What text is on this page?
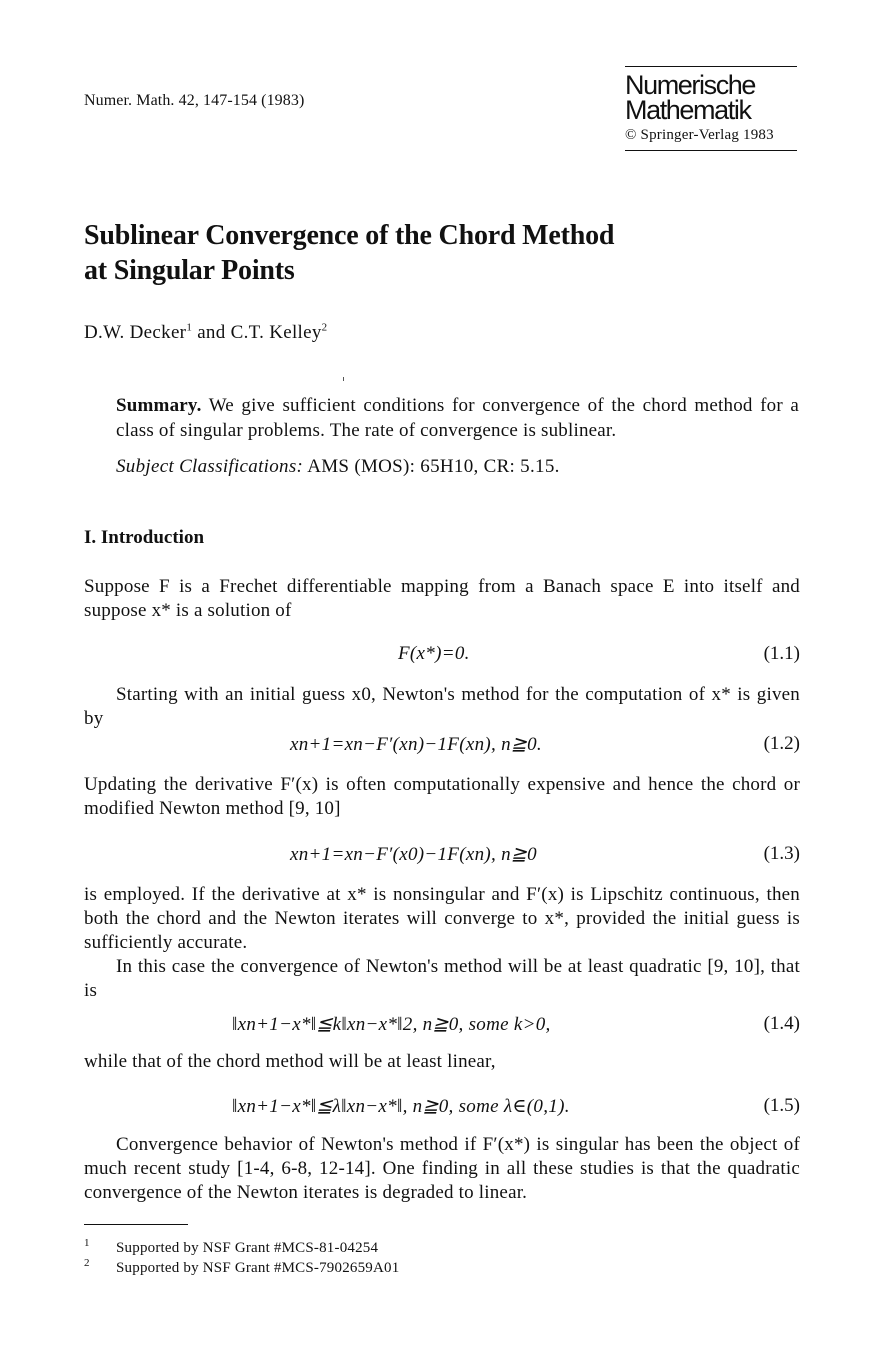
Numer. Math. 42, 147-154 (1983)
Numerische
Mathematik
© Springer-Verlag 1983
Sublinear Convergence of the Chord Method
at Singular Points
D.W. Decker$^1$ and C.T. Kelley$^2$
Summary. We give sufficient conditions for convergence of the chord method for a class of singular problems. The rate of convergence is sublinear.
Subject Classifications: AMS (MOS): 65H10, CR: 5.15.
I. Introduction
Suppose F is a Frechet differentiable mapping from a Banach space E into itself and suppose x* is a solution of
F(x*)=0.	(1.1)
Starting with an initial guess x0, Newton's method for the computation of x* is given by
xn+1=xn−F′(xn)−1F(xn), n≧0.	(1.2)
Updating the derivative F′(x) is often computationally expensive and hence the chord or modified Newton method [9, 10]
xn+1=xn−F′(x0)−1F(xn), n≧0	(1.3)
is employed. If the derivative at x* is nonsingular and F′(x) is Lipschitz continuous, then both the chord and the Newton iterates will converge to x*, provided the initial guess is sufficiently accurate.
In this case the convergence of Newton's method will be at least quadratic [9, 10], that is
‖xn+1−x*‖≦k‖xn−x*‖2, n≧0, some k>0,	(1.4)
while that of the chord method will be at least linear,
‖xn+1−x*‖≦λ‖xn−x*‖, n≧0, some λ∈(0,1).	(1.5)
Convergence behavior of Newton's method if F′(x*) is singular has been the object of much recent study [1-4, 6-8, 12-14]. One finding in all these studies is that the quadratic convergence of the Newton iterates is degraded to linear.
1 Supported by NSF Grant #MCS-81-04254
2 Supported by NSF Grant #MCS-7902659A01
